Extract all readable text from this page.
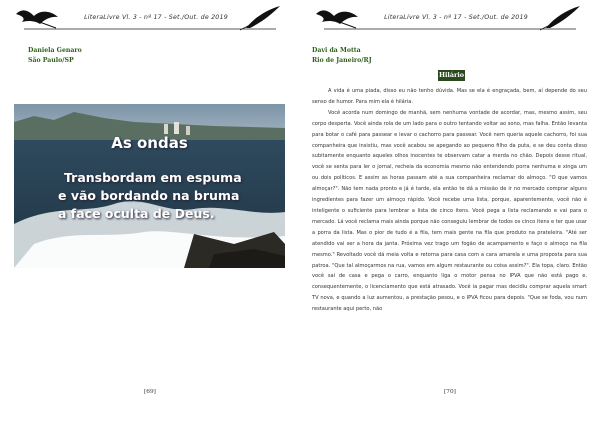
LiteraLivre Vl. 3 - nº 17 - Set./Out. de 2019
Daniela Genaro
São Paulo/SP
As ondas
Transbordam em espuma
e vão bordando na bruma
a face oculta de Deus.
[69]
LiteraLivre Vl. 3 - nº 17 - Set./Out. de 2019
[70]
Davi da Motta
Rio de Janeiro/RJ
Hilário

A vida é uma piada, disso eu não tenho dúvida. Mas se ela é engraçada, bem, aí depende do seu senso de humor. Para mim ela é hilária.

Você acorda num domingo de manhã, sem nenhuma vontade de acordar, mas, mesmo assim, seu corpo desperta. Você ainda rola de um lado para o outro tentando voltar ao sono, mas falha. Então levanta para botar o café para passear e levar o cachorro para passear. Você nem queria aquele cachorro, foi sua companheira que insistiu, mas você acabou se apegando ao pequeno filho da puta, e se deu conta disso subitamente enquanto aqueles olhos inocentes te observam catar a merda no chão. Depois desse ritual, você se senta para ler o jornal, recheia da economia mesmo não entendendo porra nenhuma e xinga um ou dois políticos. E assim as horas passam até a sua companheira reclamar do almoço. "O que vamos almoçar?". Não tem nada pronto e já é tarde, ela então te dá a missão de ir no mercado comprar alguns ingredientes para fazer um almoço rápido. Você recebe uma lista, porque, aparentemente, você não é inteligente o suficiente para lembrar a lista de cinco itens. Você pega a lista reclamando e vai para o mercado. Lá você reclama mais ainda porque não conseguiu lembrar de todos os cinco itens e ter que usar a porra da lista. Mas o pior de tudo é a fila, tem mais gente na fila que produto na prateleira. "Até ser atendido vai ser a hora da janta. Próxima vez trago um fogão de acampamento e faço o almoço na fila mesmo." Revoltado você dá meia volta e retorna para casa com a cara amarela e uma proposta para sua patroa. "Que tal almoçarmos na rua, vamos em algum restaurante ou coisa assim?". Ela topa, claro. Então você sai de casa e pega o carro, enquanto liga o motor pensa no IPVA que não está pago e, consequentemente, o licenciamento que está atrasado. Você ia pagar mas decidiu comprar aquela smart TV nova, e quando a luz aumentou, a prestação pesou, e o IPVA ficou para depois. "Que se foda, vou num restaurante aqui perto, não
